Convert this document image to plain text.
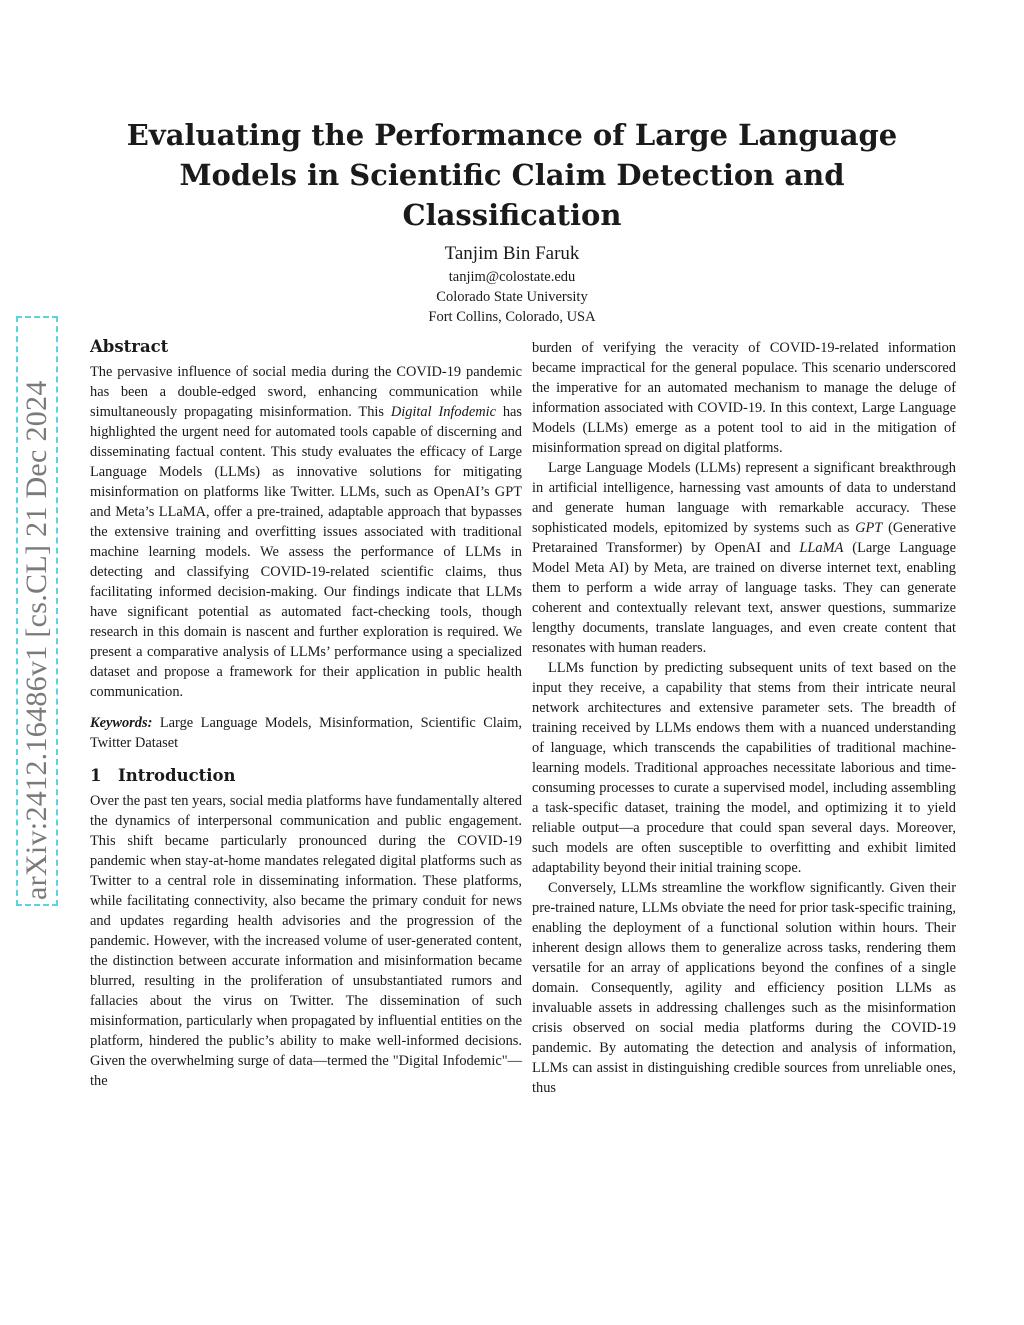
arXiv:2412.16486v1 [cs.CL] 21 Dec 2024
Evaluating the Performance of Large Language Models in Scientific Claim Detection and Classification
Tanjim Bin Faruk
tanjim@colostate.edu
Colorado State University
Fort Collins, Colorado, USA
Abstract

The pervasive influence of social media during the COVID-19 pandemic has been a double-edged sword, enhancing communication while simultaneously propagating misinformation. This Digital Infodemic has highlighted the urgent need for automated tools capable of discerning and disseminating factual content. This study evaluates the efficacy of Large Language Models (LLMs) as innovative solutions for mitigating misinformation on platforms like Twitter. LLMs, such as OpenAI’s GPT and Meta’s LLaMA, offer a pre-trained, adaptable approach that bypasses the extensive training and overfitting issues associated with traditional machine learning models. We assess the performance of LLMs in detecting and classifying COVID-19-related scientific claims, thus facilitating informed decision-making. Our findings indicate that LLMs have significant potential as automated fact-checking tools, though research in this domain is nascent and further exploration is required. We present a comparative analysis of LLMs’ performance using a specialized dataset and propose a framework for their application in public health communication.

Keywords: Large Language Models, Misinformation, Scientific Claim, Twitter Dataset

1 Introduction

Over the past ten years, social media platforms have fundamentally altered the dynamics of interpersonal communication and public engagement. This shift became particularly pronounced during the COVID-19 pandemic when stay-at-home mandates relegated digital platforms such as Twitter to a central role in disseminating information. These platforms, while facilitating connectivity, also became the primary conduit for news and updates regarding health advisories and the progression of the pandemic. However, with the increased volume of user-generated content, the distinction between accurate information and misinformation became blurred, resulting in the proliferation of unsubstantiated rumors and fallacies about the virus on Twitter. The dissemination of such misinformation, particularly when propagated by influential entities on the platform, hindered the public’s ability to make well-informed decisions. Given the overwhelming surge of data—termed the "Digital Infodemic"—the

burden of verifying the veracity of COVID-19-related information became impractical for the general populace. This scenario underscored the imperative for an automated mechanism to manage the deluge of information associated with COVID-19. In this context, Large Language Models (LLMs) emerge as a potent tool to aid in the mitigation of misinformation spread on digital platforms.

Large Language Models (LLMs) represent a significant breakthrough in artificial intelligence, harnessing vast amounts of data to understand and generate human language with remarkable accuracy. These sophisticated models, epitomized by systems such as GPT (Generative Pretarained Transformer) by OpenAI and LLaMA (Large Language Model Meta AI) by Meta, are trained on diverse internet text, enabling them to perform a wide array of language tasks. They can generate coherent and contextually relevant text, answer questions, summarize lengthy documents, translate languages, and even create content that resonates with human readers.

LLMs function by predicting subsequent units of text based on the input they receive, a capability that stems from their intricate neural network architectures and extensive parameter sets. The breadth of training received by LLMs endows them with a nuanced understanding of language, which transcends the capabilities of traditional machine-learning models. Traditional approaches necessitate laborious and time-consuming processes to curate a supervised model, including assembling a task-specific dataset, training the model, and optimizing it to yield reliable output—a procedure that could span several days. Moreover, such models are often susceptible to overfitting and exhibit limited adaptability beyond their initial training scope.

Conversely, LLMs streamline the workflow significantly. Given their pre-trained nature, LLMs obviate the need for prior task-specific training, enabling the deployment of a functional solution within hours. Their inherent design allows them to generalize across tasks, rendering them versatile for an array of applications beyond the confines of a single domain. Consequently, agility and efficiency position LLMs as invaluable assets in addressing challenges such as the misinformation crisis observed on social media platforms during the COVID-19 pandemic. By automating the detection and analysis of information, LLMs can assist in distinguishing credible sources from unreliable ones, thus
